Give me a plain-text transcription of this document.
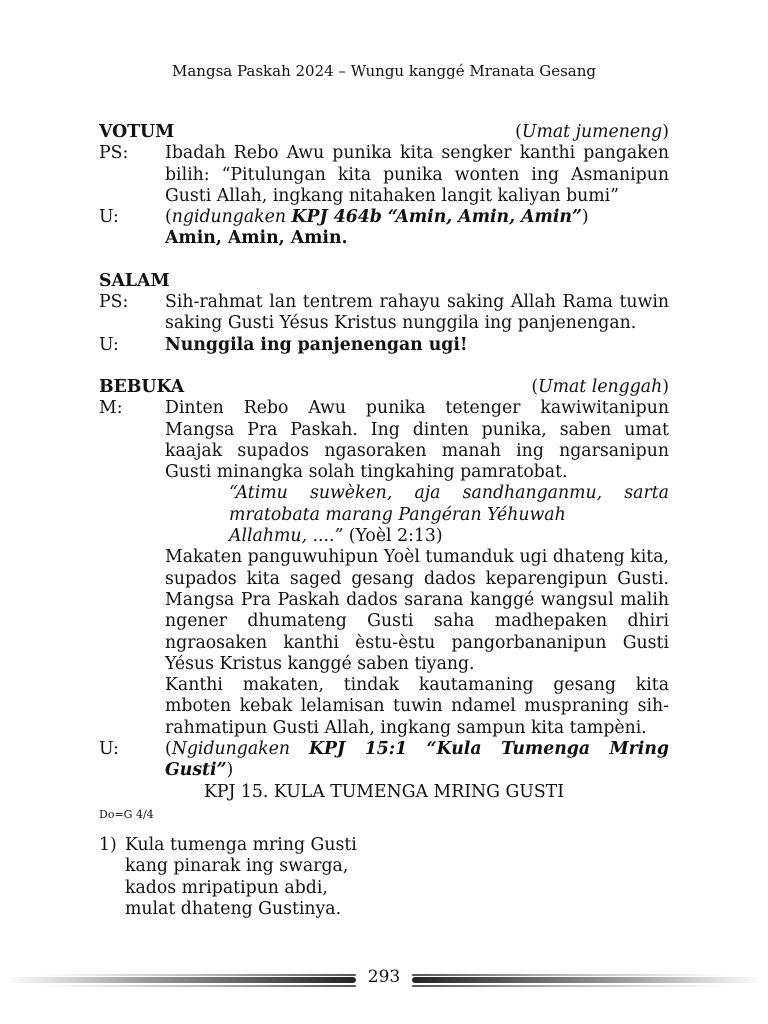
Mangsa Paskah 2024 – Wungu kanggé Mranata Gesang
VOTUM	(Umat jumeneng)
PS:	Ibadah Rebo Awu punika kita sengker kanthi pangaken bilih: “Pitulungan kita punika wonten ing Asmanipun Gusti Allah, ingkang nitahaken langit kaliyan bumi”
U:	(ngidungaken KPJ 464b “Amin, Amin, Amin”)
Amin, Amin, Amin.
SALAM
PS:	Sih-rahmat lan tentrem rahayu saking Allah Rama tuwin saking Gusti Yésus Kristus nunggila ing panjenengan.
U:	Nunggila ing panjenengan ugi!
BEBUKA	(Umat lenggah)
M:	Dinten Rebo Awu punika tetenger kawiwitanipun Mangsa Pra Paskah. Ing dinten punika, saben umat kaajak supados ngasoraken manah ing ngarsanipun Gusti minangka solah tingkahing pamratobat.
“Atimu suwèken, aja sandhanganmu, sarta mratobata marang Pangéran Yéhuwah
Allahmu, ....” (Yoèl 2:13)
Makaten panguwuhipun Yoèl tumanduk ugi dhateng kita, supados kita saged gesang dados keparengipun Gusti. Mangsa Pra Paskah dados sarana kanggé wangsul malih ngener dhumateng Gusti saha madhepaken dhiri ngraosaken kanthi èstu-èstu pangorbananipun Gusti Yésus Kristus kanggé saben tiyang.
Kanthi makaten, tindak kautamaning gesang kita mboten kebak lelamisan tuwin ndamel muspraning sih-rahmatipun Gusti Allah, ingkang sampun kita tampèni.
U:	(Ngidungaken KPJ 15:1 “Kula Tumenga Mring Gusti”)
KPJ 15. KULA TUMENGA MRING GUSTI
Do=G 4/4
1) Kula tumenga mring Gusti
kang pinarak ing swarga,
kados mripatipun abdi,
mulat dhateng Gustinya.
293
